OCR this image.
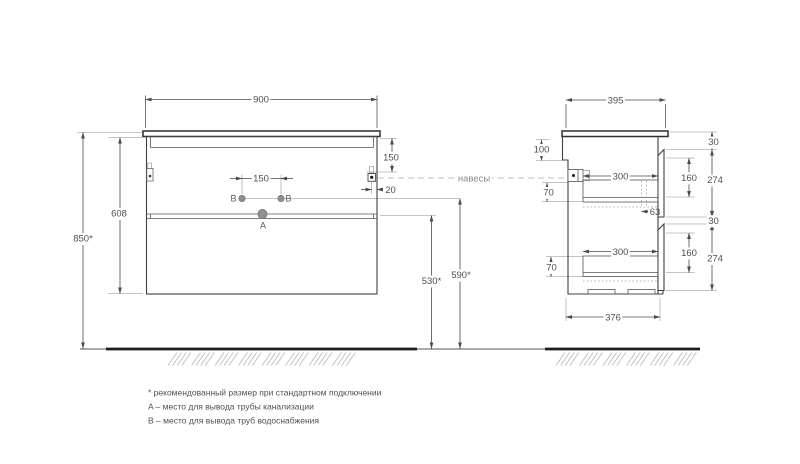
900
608
850*
150
20
150
B	B
A
530*
590*
навесы
395
100
70
300
63
30
160 274
30
70
300	160
274
376
* рекомендованный размер при стандартном подключении
A – место для вывода трубы канализации
B – место для вывода труб водоснабжения
